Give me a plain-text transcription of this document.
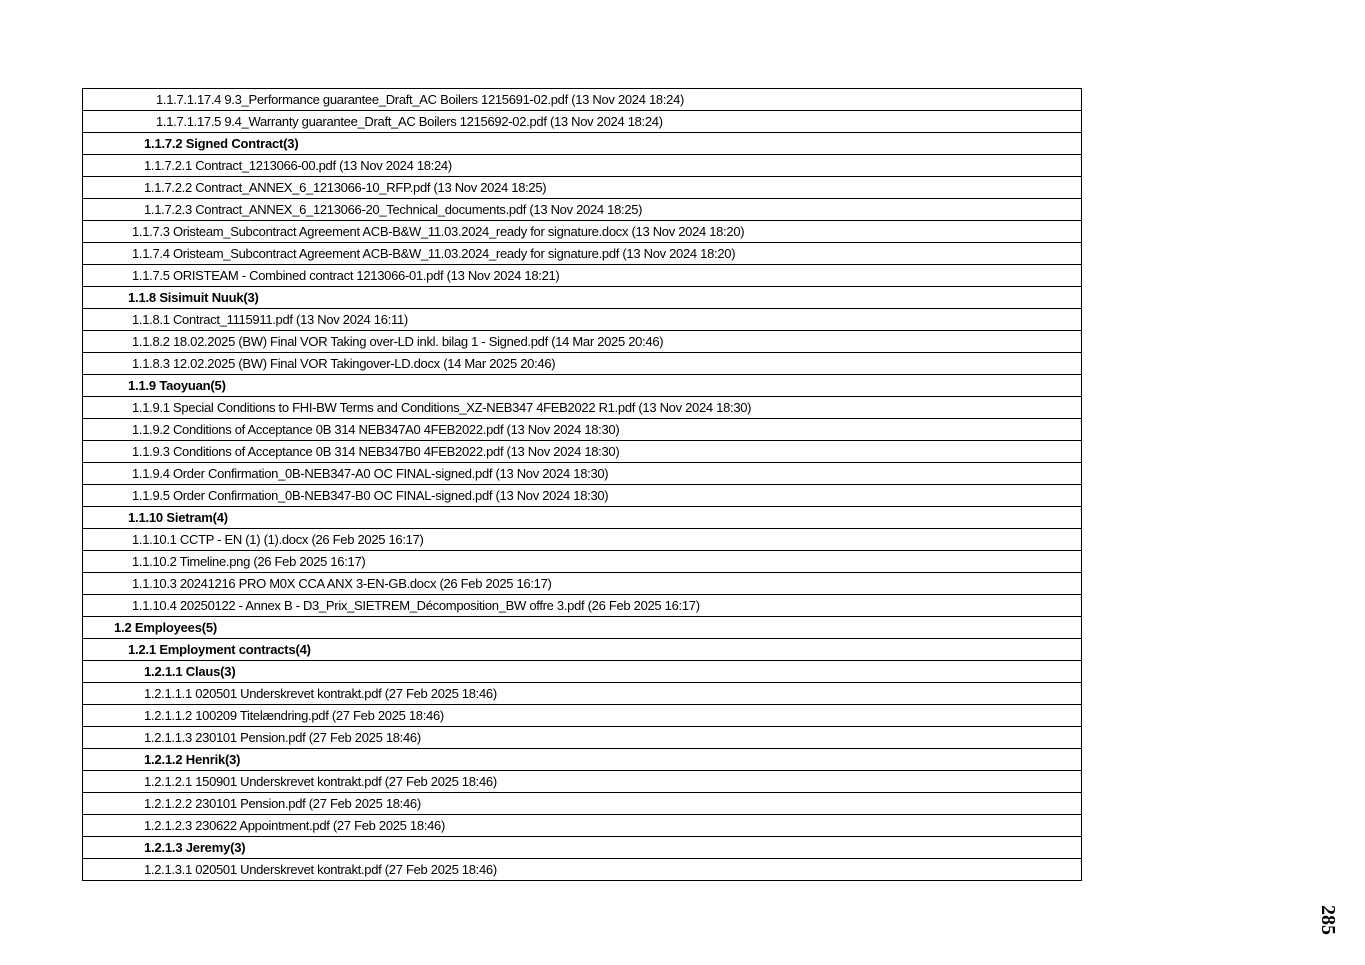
1.1.7.1.17.4 9.3_Performance guarantee_Draft_AC Boilers 1215691-02.pdf (13 Nov 2024 18:24)
1.1.7.1.17.5 9.4_Warranty guarantee_Draft_AC Boilers 1215692-02.pdf (13 Nov 2024 18:24)
1.1.7.2 Signed Contract(3)
1.1.7.2.1 Contract_1213066-00.pdf (13 Nov 2024 18:24)
1.1.7.2.2 Contract_ANNEX_6_1213066-10_RFP.pdf (13 Nov 2024 18:25)
1.1.7.2.3 Contract_ANNEX_6_1213066-20_Technical_documents.pdf (13 Nov 2024 18:25)
1.1.7.3 Oristeam_Subcontract Agreement ACB-B&W_11.03.2024_ready for signature.docx (13 Nov 2024 18:20)
1.1.7.4 Oristeam_Subcontract Agreement ACB-B&W_11.03.2024_ready for signature.pdf (13 Nov 2024 18:20)
1.1.7.5 ORISTEAM - Combined contract 1213066-01.pdf (13 Nov 2024 18:21)
1.1.8 Sisimuit Nuuk(3)
1.1.8.1 Contract_1115911.pdf (13 Nov 2024 16:11)
1.1.8.2 18.02.2025 (BW) Final VOR Taking over-LD inkl. bilag 1 - Signed.pdf (14 Mar 2025 20:46)
1.1.8.3 12.02.2025 (BW) Final VOR Takingover-LD.docx (14 Mar 2025 20:46)
1.1.9 Taoyuan(5)
1.1.9.1 Special Conditions to FHI-BW Terms and Conditions_XZ-NEB347 4FEB2022 R1.pdf (13 Nov 2024 18:30)
1.1.9.2 Conditions of Acceptance 0B 314 NEB347A0 4FEB2022.pdf (13 Nov 2024 18:30)
1.1.9.3 Conditions of Acceptance 0B 314 NEB347B0 4FEB2022.pdf (13 Nov 2024 18:30)
1.1.9.4 Order Confirmation_0B-NEB347-A0 OC FINAL-signed.pdf (13 Nov 2024 18:30)
1.1.9.5 Order Confirmation_0B-NEB347-B0 OC FINAL-signed.pdf (13 Nov 2024 18:30)
1.1.10 Sietram(4)
1.1.10.1 CCTP - EN (1) (1).docx (26 Feb 2025 16:17)
1.1.10.2 Timeline.png (26 Feb 2025 16:17)
1.1.10.3 20241216 PRO M0X CCA ANX 3-EN-GB.docx (26 Feb 2025 16:17)
1.1.10.4 20250122 - Annex B - D3_Prix_SIETREM_Décomposition_BW offre 3.pdf (26 Feb 2025 16:17)
1.2 Employees(5)
1.2.1 Employment contracts(4)
1.2.1.1 Claus(3)
1.2.1.1.1 020501 Underskrevet kontrakt.pdf (27 Feb 2025 18:46)
1.2.1.1.2 100209 Titelændring.pdf (27 Feb 2025 18:46)
1.2.1.1.3 230101 Pension.pdf (27 Feb 2025 18:46)
1.2.1.2 Henrik(3)
1.2.1.2.1 150901 Underskrevet kontrakt.pdf (27 Feb 2025 18:46)
1.2.1.2.2 230101 Pension.pdf (27 Feb 2025 18:46)
1.2.1.2.3 230622 Appointment.pdf (27 Feb 2025 18:46)
1.2.1.3 Jeremy(3)
1.2.1.3.1 020501 Underskrevet kontrakt.pdf (27 Feb 2025 18:46)
285
